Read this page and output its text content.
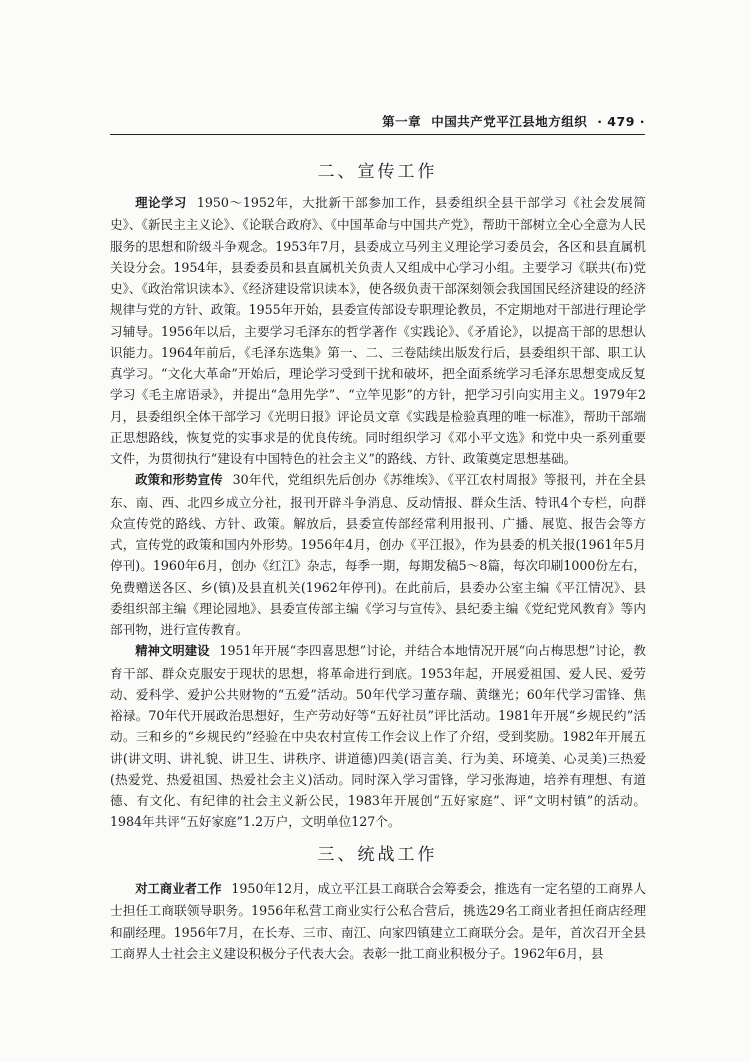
第一章 中国共产党平江县地方组织 · 479 ·
二、宣传工作

理论学习 1950～1952年，大批新干部参加工作，县委组织全县干部学习《社会发展简史》、《新民主主义论》、《论联合政府》、《中国革命与中国共产党》，帮助干部树立全心全意为人民服务的思想和阶级斗争观念。1953年7月，县委成立马列主义理论学习委员会，各区和县直属机关设分会。1954年，县委委员和县直属机关负责人又组成中心学习小组。主要学习《联共(布)党史》、《政治常识读本》、《经济建设常识读本》，使各级负责干部深刻领会我国国民经济建设的经济规律与党的方针、政策。1955年开始，县委宣传部设专职理论教员，不定期地对干部进行理论学习辅导。1956年以后，主要学习毛泽东的哲学著作《实践论》、《矛盾论》，以提高干部的思想认识能力。1964年前后，《毛泽东选集》第一、二、三卷陆续出版发行后，县委组织干部、职工认真学习。“文化大革命”开始后，理论学习受到干扰和破坏，把全面系统学习毛泽东思想变成反复学习《毛主席语录》，并提出“急用先学”、“立竿见影”的方针，把学习引向实用主义。1979年2月，县委组织全体干部学习《光明日报》评论员文章《实践是检验真理的唯一标准》，帮助干部端正思想路线，恢复党的实事求是的优良传统。同时组织学习《邓小平文选》和党中央一系列重要文件，为贯彻执行“建设有中国特色的社会主义”的路线、方针、政策奠定思想基础。

政策和形势宣传 30年代，党组织先后创办《苏维埃》、《平江农村周报》等报刊，并在全县东、南、西、北四乡成立分社，报刊开辟斗争消息、反动情报、群众生活、特讯4个专栏，向群众宣传党的路线、方针、政策。解放后，县委宣传部经常利用报刊、广播、展览、报告会等方式，宣传党的政策和国内外形势。1956年4月，创办《平江报》，作为县委的机关报(1961年5月停刊)。1960年6月，创办《红江》杂志，每季一期，每期发稿5～8篇，每次印刷1000份左右，免费赠送各区、乡(镇)及县直机关(1962年停刊)。在此前后，县委办公室主编《平江情况》、县委组织部主编《理论园地》、县委宣传部主编《学习与宣传》、县纪委主编《党纪党风教育》等内部刊物，进行宣传教育。

精神文明建设 1951年开展“李四喜思想”讨论，并结合本地情况开展“向占梅思想”讨论，教育干部、群众克服安于现状的思想，将革命进行到底。1953年起，开展爱祖国、爱人民、爱劳动、爱科学、爱护公共财物的“五爱”活动。50年代学习董存瑞、黄继光；60年代学习雷锋、焦裕禄。70年代开展政治思想好，生产劳动好等“五好社员”评比活动。1981年开展“乡规民约”活动。三和乡的“乡规民约”经验在中央农村宣传工作会议上作了介绍，受到奖励。1982年开展五讲(讲文明、讲礼貌、讲卫生、讲秩序、讲道德)四美(语言美、行为美、环境美、心灵美)三热爱(热爱党、热爱祖国、热爱社会主义)活动。同时深入学习雷锋，学习张海迪，培养有理想、有道德、有文化、有纪律的社会主义新公民，1983年开展创“五好家庭”、评“文明村镇”的活动。1984年共评“五好家庭”1.2万户，文明单位127个。

三、统战工作

对工商业者工作 1950年12月，成立平江县工商联合会筹委会，推选有一定名望的工商界人士担任工商联领导职务。1956年私营工商业实行公私合营后，挑选29名工商业者担任商店经理和副经理。1956年7月，在长寿、三市、南江、向家四镇建立工商联分会。是年，首次召开全县工商界人士社会主义建设积极分子代表大会。表彰一批工商业积极分子。1962年6月，县
